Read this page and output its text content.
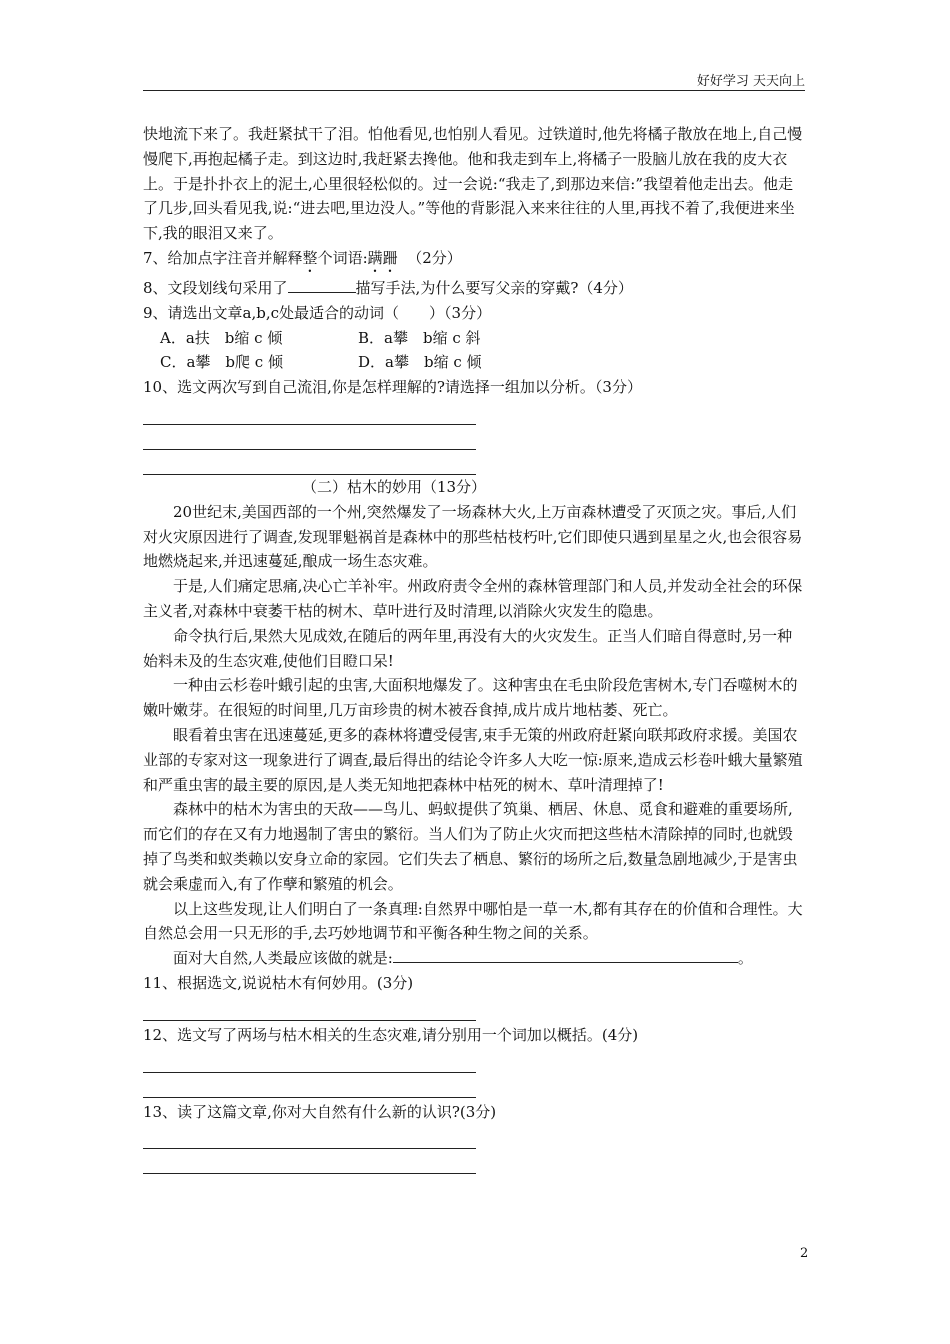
好好学习 天天向上

快地流下来了。我赶紧拭干了泪。怕他看见,也怕别人看见。过铁道时,他先将橘子散放在地上,自己慢慢爬下,再抱起橘子走。到这边时,我赶紧去搀他。他和我走到车上,将橘子一股脑儿放在我的皮大衣上。于是扑扑衣上的泥土,心里很轻松似的。过一会说:“我走了,到那边来信:”我望着他走出去。他走了几步,回头看见我,说:“进去吧,里边没人。”等他的背影混入来来往往的人里,再找不着了,我便进来坐下,我的眼泪又来了。

7、给加点字注音并解释整个词语:蹒跚 （2分）

8、文段划线句采用了	描写手法,为什么要写父亲的穿戴?（4分）

9、请选出文章a,b,c处最适合的动词（　　）（3分）

A．a扶　b缩 c 倾	B．a攀　b缩 c 斜

C．a攀　b爬 c 倾	D．a攀　b缩 c 倾

10、选文两次写到自己流泪,你是怎样理解的?请选择一组加以分析。（3分）

（二）枯木的妙用（13分）

20世纪末,美国西部的一个州,突然爆发了一场森林大火,上万亩森林遭受了灭顶之灾。事后,人们对火灾原因进行了调查,发现罪魁祸首是森林中的那些枯枝朽叶,它们即使只遇到星星之火,也会很容易地燃烧起来,并迅速蔓延,酿成一场生态灾难。

于是,人们痛定思痛,决心亡羊补牢。州政府责令全州的森林管理部门和人员,并发动全社会的环保主义者,对森林中衰萎干枯的树木、草叶进行及时清理,以消除火灾发生的隐患。

命令执行后,果然大见成效,在随后的两年里,再没有大的火灾发生。正当人们暗自得意时,另一种始料未及的生态灾难,使他们目瞪口呆!

一种由云杉卷叶蛾引起的虫害,大面积地爆发了。这种害虫在毛虫阶段危害树木,专门吞噬树木的嫩叶嫩芽。在很短的时间里,几万亩珍贵的树木被吞食掉,成片成片地枯萎、死亡。

眼看着虫害在迅速蔓延,更多的森林将遭受侵害,束手无策的州政府赶紧向联邦政府求援。美国农业部的专家对这一现象进行了调查,最后得出的结论令许多人大吃一惊:原来,造成云杉卷叶蛾大量繁殖和严重虫害的最主要的原因,是人类无知地把森林中枯死的树木、草叶清理掉了!

森林中的枯木为害虫的天敌——鸟儿、蚂蚁提供了筑巢、栖居、休息、觅食和避难的重要场所,而它们的存在又有力地遏制了害虫的繁衍。当人们为了防止火灾而把这些枯木清除掉的同时,也就毁掉了鸟类和蚁类赖以安身立命的家园。它们失去了栖息、繁衍的场所之后,数量急剧地减少,于是害虫就会乘虚而入,有了作孽和繁殖的机会。

以上这些发现,让人们明白了一条真理:自然界中哪怕是一草一木,都有其存在的价值和合理性。大自然总会用一只无形的手,去巧妙地调节和平衡各种生物之间的关系。

面对大自然,人类最应该做的就是:	。

11、根据选文,说说枯木有何妙用。(3分)

12、选文写了两场与枯木相关的生态灾难,请分别用一个词加以概括。(4分)

13、读了这篇文章,你对大自然有什么新的认识?(3分)

2
